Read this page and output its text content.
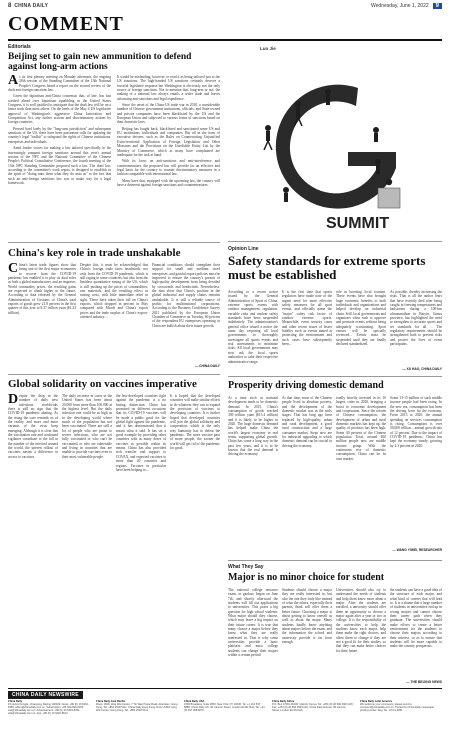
8 CHINA DAILY	Wednesday, June 1, 2022	9
COMMENT
Editorials
Beijing set to gain new ammunition to defend against long-arm actions
A s its first plenary meeting on Monday afternoon, the ongoing 28th session of the Standing Committee of the 13th National People's Congress heard a report on the second review of the draft anti-foreign sanctions law.

Given the bipartisan anti-China consensus that, of late, has fast washed ahead over bipartisan squabbling in the United States Congress, it is well justified to anticipate that the draft law will be on a faster track than most others. On the heels of the May 4 US legislative approval of Washington's aggressive China Innovation and Competition Act, any further actions and discriminatory actions by foreign countries.

Pressed hard lately by the "long-arm jurisdiction" and subsequent sanctions of the US, there have been passionate calls for updating the country's legal "toolkit" to safeguard the rights of Chinese institutions, enterprises and individuals.

Amid louder voices for making a law tailored specifically to the increasingly rampant foreign sanctions around this year's annual session of the NPC and the National Committee of the Chinese People's Political Consultative Conference, the fourth meeting of the 13th NPC Standing Committee proposed such a law. The draft law, according to the committee's work report, is designed to establish in the spirit of "doing unto them what they do unto us" to the fact that such an anti-foreign sanctions law was to make way for a legal framework.

It would be misleading, however, to read it as being tailored just to the US sanctions. The high-handed US sanctions certainly deserve a forceful legislated response but Washington is obviously not the only source of foreign sanctions. Not to mention that, long-arm or not, the making of a national law always entails a wider trade and leaves advancing anti-sanctions and legal expedience.

Since the onset of the China-US trade war in 2018, a considerable number of Chinese government institutions, officials, and State-owned and private companies have been blacklisted by the US and the European Union and subjected to various forms of sanctions based on their domestic laws.

Beijing has fought back, blacklisted and sanctioned some US and EU institutions, individuals and companies. But all in the form of executive decrees, such as the Rules on Counteracting Unjustified Extra-territorial Application of Foreign Legislation and Other Measures and the Provisions on the Unreliable Entity List by the Ministry of Commerce, which as many have complained are inadequate for the task at hand.

With its focus on anti-sanctions and anti-interference and countermeasures, the proposed law will provide for an effective and legal basis for the country to counter discriminatory measures in a fashion compatible with international law.

Many have that, equipped with the upcoming law, the country will have a deterrent against foreign sanctions and countermeasures.

Luo Jie
SUMMIT
Opinion Line
Safety standards for extreme sports must be established

According to a recent notice issued by the General Administration of Sport of China, extreme sports events with outdoor management, regulation, variable risks and unclear safety standards have been suspended indefinitely. The administration's general office issued a notice the same day requiring all local governments to thoroughly investigate all sports events and risk assessments to minimize risks. All local governments may now ask the local sports authorities to take their respective administrative range.

It is the first time that sports regulators have made note of the urgent need for more effective safety measures for all sport events, and officially name the "major" safety risk factor of outdoor extreme sports. Meanwhile, event security cases and other recent issues of lesser liability such as events aimed at protecting the environment and such cases have subsequently been...

role in boosting local tourism. These events have also brought huge economic benefits to both individuals and organizations and helped develop an industrial chain. Still, local governments and organizers often rush to approve and promote events without being adequately scrutinizing. Sport venues will be specially reviewed... Events must be suspended until they are finally declared standardized.

As possible, thereby increasing the risks. That is all the author fears that have recently died after being caught in freezing temperatures and hailstorms during a 100-km ultramarathon in Baiyin, Gansu province, has highlighted the need to strengthen to accurate sports and set standards for all ... The regulatory requirements should be strengthened both to prevent risks and protect the lives of event participants.

— XU HAO, CHINA DAILY
China's key role in trade unshakable
C hina's latest trade figures show that being one of the first major economies to recover from the COVID-19 pandemic has enabled it to play its dual roles as both a global manufacturer, and an importer. World commodity prices, the resulting gains are expected to climb higher in the future. According to data released by the General Administration of Customs of China's total exports of goods grew 21.8 percent in the first quarter of this year to 8.37 trillion yuan ($1.23 trillion).

Despite this, it must be acknowledged that China's foreign trade faces headwinds, not only from the COVID-19 pandemic, which is still raging in some countries, but also from the limitless quantitative easing of the US, which is still pushing up the prices of commodities, raw materials, and the resulting effect in raising costs, with little immediate relief in sight. These have taken their toll on China's exports, which dropped in percent in May compared with March and China's export prices and the trade surplus of China's export-oriented industry...

Financial conditions should strengthen their support for small and medium sized enterprises, and gainful export policies must be improved to ensure the country's pursuit of high-quality development from being derailed by crosswinds and headwinds. Nevertheless, the data show that China's position in the global industrial and supply chains remains unshakable. It is still a reliable source of profits for multinational corporations. According to the Business Confidence Survey 2021 published by the European Union Chamber of Commerce on Tuesday, 60 percent of the respondent EU enterprises operating in China are bullish about their future growth.

— CHINA DAILY
Prosperity driving domestic demand

At a time such as national development tends to be domestic demand. In 2015, China's consumption of goods reached 300 trillion yuan ($15.4 trillion) and it is likely to be higher in 2020. The huge domestic demand has helped make China the world's largest economy in real terms, supporting global growth. China has come a long way in the past few years, and it is to be known that the real demand is driving the economy.

At that time, most of the Chinese people lived in absolute poverty, and the development of the domestic market was in the early stages. That has long ago been replaced by high-quality urban and rural development, a good rural construction and a large consumer market. Steps now are for industrial upgrading to which domestic demand can be crucial in driving the economy.

totally heavily invested in its 10 largest cities in 2020, bringing a boost to economic development and cooperation. Since the reform of Chinese consumption, the development of urban and rural domestic markets has kept up, the quality of products has been high. Some 40 percent of the Chinese population. Total, around 400 million people now are middle income group. With the continuous rise of domestic consumption, China can be its own market.

Some 13-15 million of such middle income people had been rising. In the new era, consumption has been the driving force for the economy. From 2013 to 2020, the annual spending on services consumption is rising. Consumption is over 50,000 trillion... annual growth rate of 12 percent. Due to the impact of COVID-19 pandemic, China has kept the economy steady, growing by 2.3 percent in 2020.

— WANG YIWEI, RESEARCHER
Global solidarity on vaccines imperative
D espite the drop in the number of daily new infections worldwide, there is still no sign that the COVID-19 pandemic abating. As the rising the case reminds us of the reality, and more and more variants of the virus keep emerging. Although it is clear that the vaccination rate and continued vigilance contribute to the fall in the number of the infected around the world, the uneven rollout of vaccines means a difference in access to vaccines.

The daily increase in cases in the United States has been about 20,000 from more than 100,000 at the highest level. But the daily infection rate could be as high as in the developing world where much of the population has not been vaccinated. There are still a lot of people who are prone to severe infections, who are not fully vaccinated or who can't be vaccinated, or who are vulnerable and living in countries that are unable to provide vaccines even to their most vulnerable people.

the less-developed countries fight against the pandemic is a no lasting distinction. China has promised on different occasions that its COVID-19 vaccines will be made a public good for the global fight against the pandemic, and it has demonstrated that it meant what it said. It has set a good example by providing other countries with as many doses of vaccines as possible within its means. China has also provided tech transfer and support to COVAX, and expected vaccines to more than 40 countries and regions. Vaccines in particular have been helping to...

It is hoped that the developed countries will make similar efforts to do whatever they can to expand the provision of vaccines to developing countries. It is further hoped that developed countries will join the global solidarity and cooperation, which is the only way humanity has to defeat the pandemic. The more vaccine pass of more people, the sooner the world will get rid of the pandemic for good.

What They Say
Major is no minor choice for student

The national college entrance exam, or gaokao, began on June 7th, and shortly afterward the students will fill out applications to universities. This poses a big question for high school students: What major should they choose, which may leave a big impact on their future career. It is true that many choose a major before they know what they are really interested in. That is why some universities provide a basic platform and most college students can change their majors within a certain period.

Students should choose a major they are really interested in, but also the one they truly like instead of what the others, especially their parents, think will offer them a better future. Choosing a major is about getting to know oneself as well as about the major. Many students hardly knew anything about majors before the exam, and the information the school and university provide is far from enough.

Universities should also try to understand the needs of students and help them know more about a major. After the students are enrolled, a university should offer them an opportunity to choose a major again after a year or two at college. It is the responsibility of the universities to help the students know each major, help them make the right choices, and allow them to change if they are not a good fit for their studies, so that they can make better choices for their future.

the students can have a good idea of the structure of each major, and what kind of careers that will lead to. It is a shame that a large number of students in universities end up in wrong majors and cannot choose their career path when they graduate. The universities should make efforts to create a better environment for the students to choose their majors according to their interest, so as to ensure that students will be more capable to make the country prosperous.

— THE BEIJING NEWS
CHINA DAILY NEWSWIRE
China Daily
15 Huixin Dongjie, Chaoyang, Beijing 100029. News: +86 (0) 10 6491-8366; editor@chinadaily.com.cn. Subscription: +86 400-699-0203; sub@chinadaily.com.cn. Advertisement: +86 (0) 10 6491-8631; ads@chinadaily.com.cn. App: +86 (0) 10 6491-8614
China Daily Asia Pacific
Room 1818, Hing Wai Centre, 7 Tin Wan Praya Road, Aberdeen, Hong Kong. Tel: +852 2518 5111. China Daily Hong Kong: Room 1818, Hing Wai Centre, Hong Kong. Tel: +852 2518 5111
China Daily USA
1500 Broadway, Suite 2800, New York, NY 10036. Tel: +1 212 537 8888. China Daily UK: 90 Cannon Street, London EC4N 6HA. Tel: +44 (0) 207 398 8270
China Daily Africa
P.O. Box 27281-00100, Nairobi, Kenya. Tel: +254 (0) 20 692 0900 (20); Fax: +254 (0) 20 692 0900 (20). China Daily Europe: 90 Cannon Street, London EC4N 6HA
China Daily Latin America
We welcome your comments, please send to: comment@chinadaily.com.cn. Printed by China Daily newspaper printing center. Reg. No. CN 11-0091
